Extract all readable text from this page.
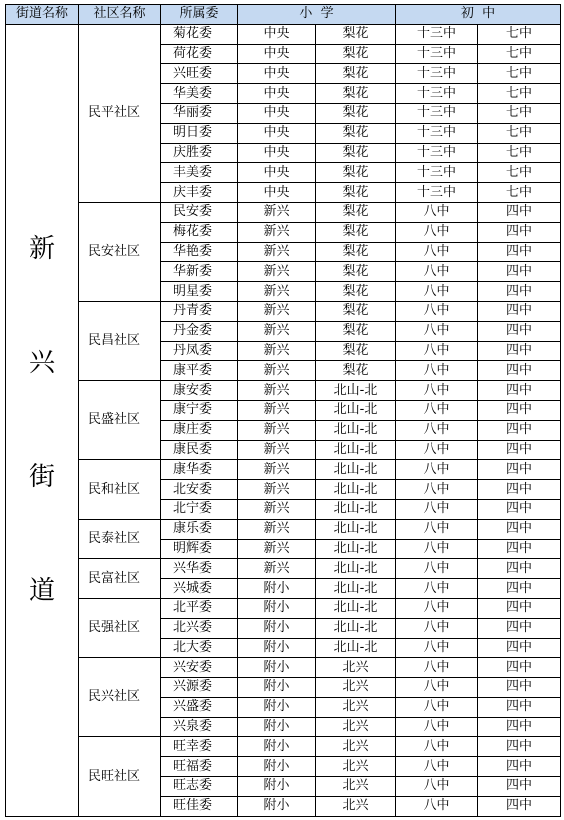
街道名称	社区名称	所属委	小  学		初  中	

新
兴
街
道	民平社区	菊花委	中央	梨花	十三中	七中
		荷花委	中央	梨花	十三中	七中
		兴旺委	中央	梨花	十三中	七中
		华美委	中央	梨花	十三中	七中
		华丽委	中央	梨花	十三中	七中
		明日委	中央	梨花	十三中	七中
		庆胜委	中央	梨花	十三中	七中
		丰美委	中央	梨花	十三中	七中
		庆丰委	中央	梨花	十三中	七中
	民安社区	民安委	新兴	梨花	八中	四中
		梅花委	新兴	梨花	八中	四中
		华艳委	新兴	梨花	八中	四中
		华新委	新兴	梨花	八中	四中
		明星委	新兴	梨花	八中	四中
	民昌社区	丹青委	新兴	梨花	八中	四中
		丹金委	新兴	梨花	八中	四中
		丹凤委	新兴	梨花	八中	四中
		康平委	新兴	梨花	八中	四中
	民盛社区	康安委	新兴	北山-北	八中	四中
		康宁委	新兴	北山-北	八中	四中
		康庄委	新兴	北山-北	八中	四中
		康民委	新兴	北山-北	八中	四中
	民和社区	康华委	新兴	北山-北	八中	四中
		北安委	新兴	北山-北	八中	四中
		北宁委	新兴	北山-北	八中	四中
	民泰社区	康乐委	新兴	北山-北	八中	四中
		明辉委	新兴	北山-北	八中	四中
	民富社区	兴华委	新兴	北山-北	八中	四中
		兴城委	附小	北山-北	八中	四中
	民强社区	北平委	附小	北山-北	八中	四中
		北兴委	附小	北山-北	八中	四中
		北大委	附小	北山-北	八中	四中
	民兴社区	兴安委	附小	北兴	八中	四中
		兴源委	附小	北兴	八中	四中
		兴盛委	附小	北兴	八中	四中
		兴泉委	附小	北兴	八中	四中
	民旺社区	旺幸委	附小	北兴	八中	四中
		旺福委	附小	北兴	八中	四中
		旺志委	附小	北兴	八中	四中
		旺佳委	附小	北兴	八中	四中
